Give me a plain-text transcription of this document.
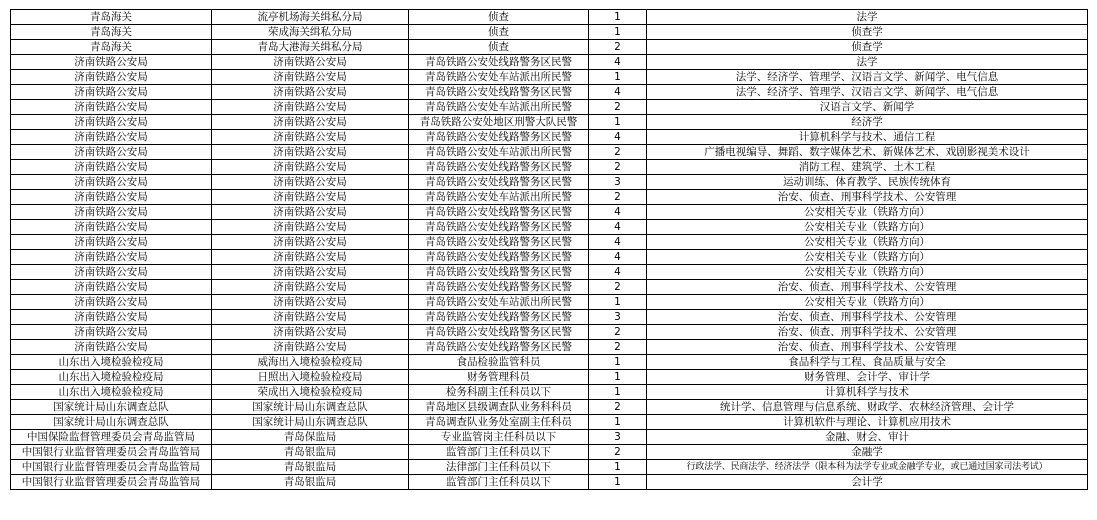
青岛海关	流亭机场海关缉私分局	侦查	1	法学
青岛海关	荣成海关缉私分局	侦查	1	侦查学
青岛海关	青岛大港海关缉私分局	侦查	2	侦查学
济南铁路公安局	济南铁路公安局	青岛铁路公安处线路警务区民警	4	法学
济南铁路公安局	济南铁路公安局	青岛铁路公安处车站派出所民警	1	法学、经济学、管理学、汉语言文学、新闻学、电气信息
济南铁路公安局	济南铁路公安局	青岛铁路公安处线路警务区民警	4	法学、经济学、管理学、汉语言文学、新闻学、电气信息
济南铁路公安局	济南铁路公安局	青岛铁路公安处车站派出所民警	2	汉语言文学、新闻学
济南铁路公安局	济南铁路公安局	青岛铁路公安处地区刑警大队民警	1	经济学
济南铁路公安局	济南铁路公安局	青岛铁路公安处线路警务区民警	4	计算机科学与技术、通信工程
济南铁路公安局	济南铁路公安局	青岛铁路公安处车站派出所民警	2	广播电视编导、舞蹈、数字媒体艺术、新媒体艺术、戏剧影视美术设计
济南铁路公安局	济南铁路公安局	青岛铁路公安处线路警务区民警	2	消防工程、建筑学、土木工程
济南铁路公安局	济南铁路公安局	青岛铁路公安处线路警务区民警	3	运动训练、体育教学、民族传统体育
济南铁路公安局	济南铁路公安局	青岛铁路公安处车站派出所民警	2	治安、侦查、刑事科学技术、公安管理
济南铁路公安局	济南铁路公安局	青岛铁路公安处线路警务区民警	4	公安相关专业（铁路方向）
济南铁路公安局	济南铁路公安局	青岛铁路公安处线路警务区民警	4	公安相关专业（铁路方向）
济南铁路公安局	济南铁路公安局	青岛铁路公安处线路警务区民警	4	公安相关专业（铁路方向）
济南铁路公安局	济南铁路公安局	青岛铁路公安处线路警务区民警	4	公安相关专业（铁路方向）
济南铁路公安局	济南铁路公安局	青岛铁路公安处线路警务区民警	4	公安相关专业（铁路方向）
济南铁路公安局	济南铁路公安局	青岛铁路公安处线路警务区民警	2	治安、侦查、刑事科学技术、公安管理
济南铁路公安局	济南铁路公安局	青岛铁路公安处车站派出所民警	1	公安相关专业（铁路方向）
济南铁路公安局	济南铁路公安局	青岛铁路公安处线路警务区民警	3	治安、侦查、刑事科学技术、公安管理
济南铁路公安局	济南铁路公安局	青岛铁路公安处线路警务区民警	2	治安、侦查、刑事科学技术、公安管理
济南铁路公安局	济南铁路公安局	青岛铁路公安处线路警务区民警	2	治安、侦查、刑事科学技术、公安管理
山东出入境检验检疫局	威海出入境检验检疫局	食品检验监管科员	1	食品科学与工程、食品质量与安全
山东出入境检验检疫局	日照出入境检验检疫局	财务管理科员	1	财务管理、会计学、审计学
山东出入境检验检疫局	荣成出入境检验检疫局	检务科副主任科员以下	1	计算机科学与技术
国家统计局山东调查总队	国家统计局山东调查总队	青岛地区县级调查队业务科科员	2	统计学、信息管理与信息系统、财政学、农林经济管理、会计学
国家统计局山东调查总队	国家统计局山东调查总队	青岛调查队业务处室副主任科员	1	计算机软件与理论、计算机应用技术
中国保险监督管理委员会青岛监管局	青岛保监局	专业监管岗主任科员以下	3	金融、财会、审计
中国银行业监督管理委员会青岛监管局	青岛银监局	监管部门主任科员以下	2	金融学
中国银行业监督管理委员会青岛监管局	青岛银监局	法律部门主任科员以下	1	行政法学、民商法学、经济法学（限本科为法学专业或金融学专业，或已通过国家司法考试）
中国银行业监督管理委员会青岛监管局	青岛银监局	监管部门主任科员以下	1	会计学
